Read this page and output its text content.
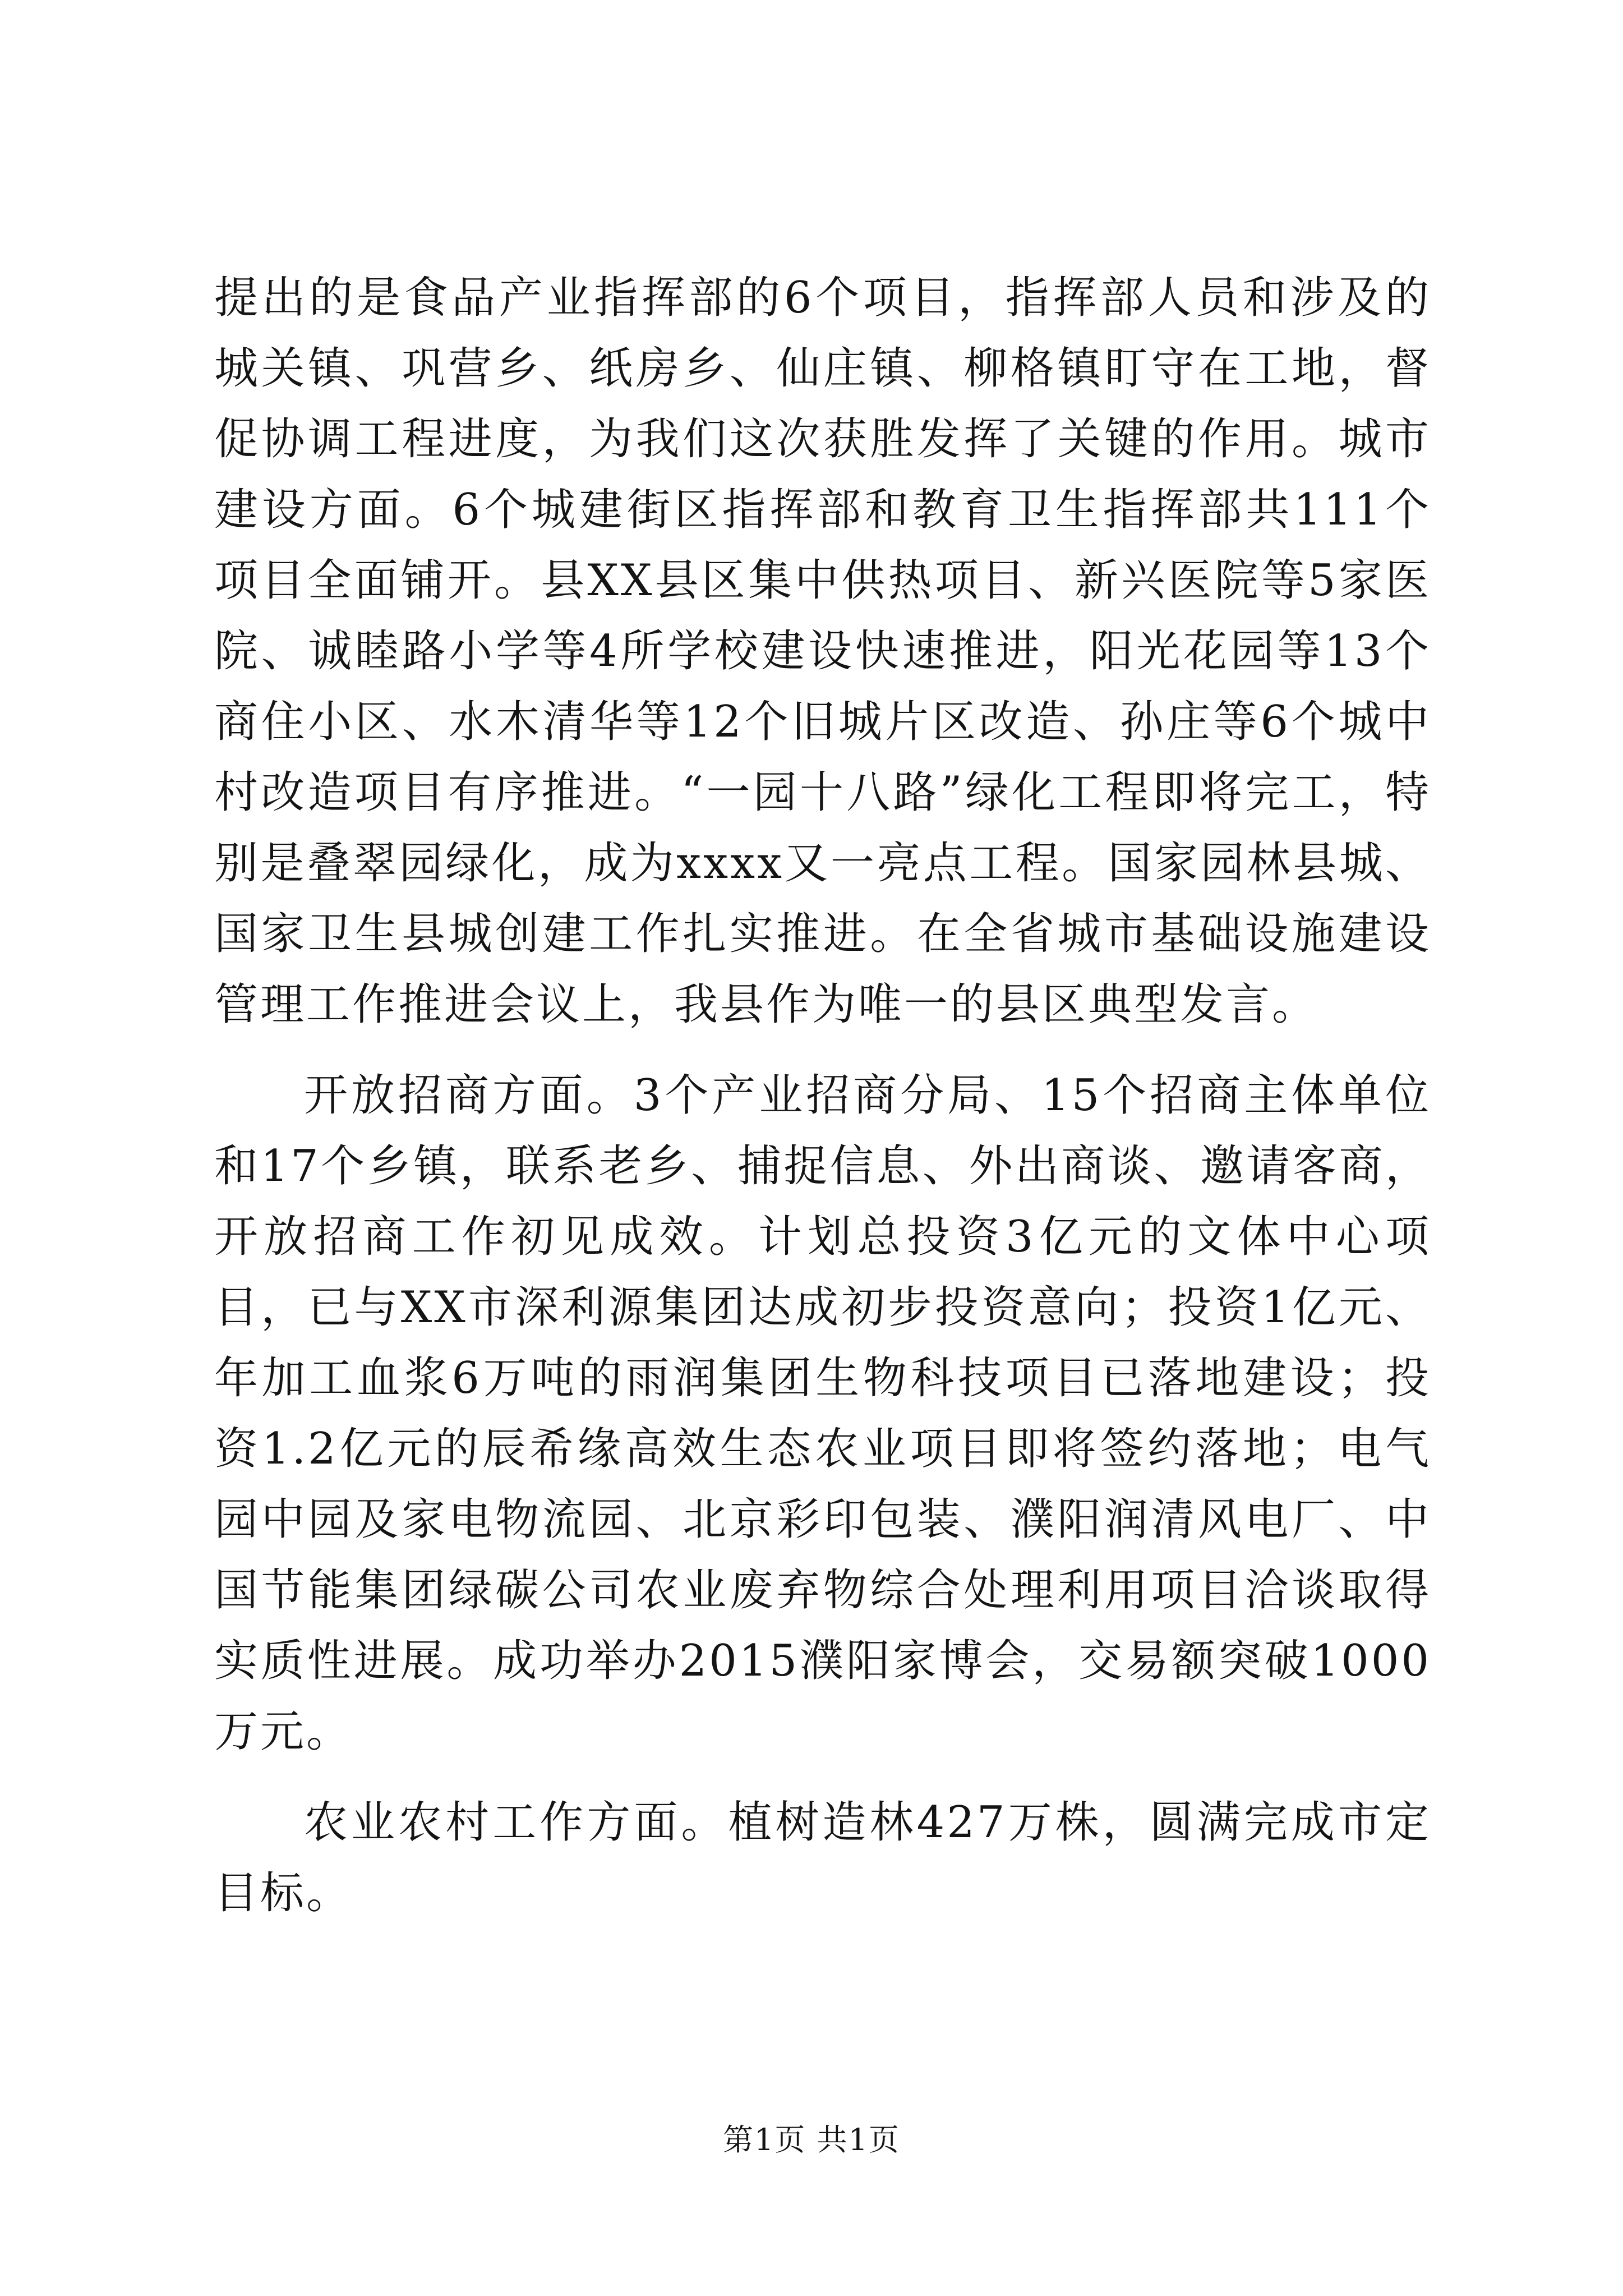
提出的是食品产业指挥部的6个项目，指挥部人员和涉及的城关镇、巩营乡、纸房乡、仙庄镇、柳格镇盯守在工地，督促协调工程进度，为我们这次获胜发挥了关键的作用。城市建设方面。6个城建街区指挥部和教育卫生指挥部共111个项目全面铺开。县XX县区集中供热项目、新兴医院等5家医院、诚睦路小学等4所学校建设快速推进，阳光花园等13个商住小区、水木清华等12个旧城片区改造、孙庄等6个城中村改造项目有序推进。“一园十八路”绿化工程即将完工，特别是叠翠园绿化，成为xxxx又一亮点工程。国家园林县城、国家卫生县城创建工作扎实推进。在全省城市基础设施建设管理工作推进会议上，我县作为唯一的县区典型发言。

开放招商方面。3个产业招商分局、15个招商主体单位和17个乡镇，联系老乡、捕捉信息、外出商谈、邀请客商，开放招商工作初见成效。计划总投资3亿元的文体中心项目，已与XX市深利源集团达成初步投资意向；投资1亿元、年加工血浆6万吨的雨润集团生物科技项目已落地建设；投资1.2亿元的辰希缘高效生态农业项目即将签约落地；电气园中园及家电物流园、北京彩印包装、濮阳润清风电厂、中国节能集团绿碳公司农业废弃物综合处理利用项目洽谈取得实质性进展。成功举办2015濮阳家博会，交易额突破1000万元。

农业农村工作方面。植树造林427万株，圆满完成市定目标。

第1页 共1页
